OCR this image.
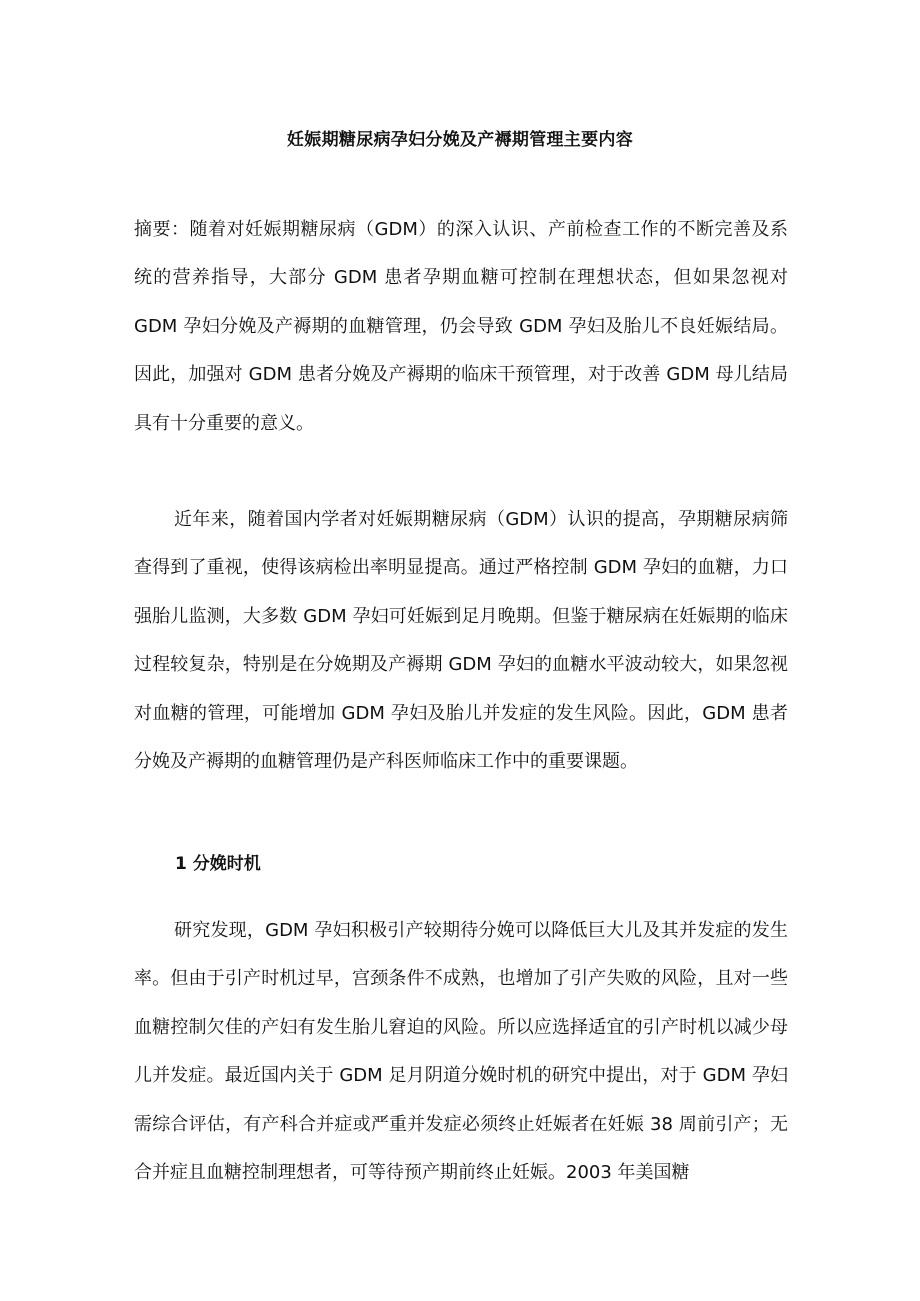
妊娠期糖尿病孕妇分娩及产褥期管理主要内容

摘要：随着对妊娠期糖尿病（GDM）的深入认识、产前检查工作的不断完善及系统的营养指导，大部分 GDM 患者孕期血糖可控制在理想状态，但如果忽视对 GDM 孕妇分娩及产褥期的血糖管理，仍会导致 GDM 孕妇及胎儿不良妊娠结局。因此，加强对 GDM 患者分娩及产褥期的临床干预管理，对于改善 GDM 母儿结局具有十分重要的意义。

近年来，随着国内学者对妊娠期糖尿病（GDM）认识的提高，孕期糖尿病筛查得到了重视，使得该病检出率明显提高。通过严格控制 GDM 孕妇的血糖，力口强胎儿监测，大多数 GDM 孕妇可妊娠到足月晚期。但鉴于糖尿病在妊娠期的临床过程较复杂，特别是在分娩期及产褥期 GDM 孕妇的血糖水平波动较大，如果忽视对血糖的管理，可能增加 GDM 孕妇及胎儿并发症的发生风险。因此，GDM 患者分娩及产褥期的血糖管理仍是产科医师临床工作中的重要课题。

1 分娩时机

研究发现，GDM 孕妇积极引产较期待分娩可以降低巨大儿及其并发症的发生率。但由于引产时机过早，宫颈条件不成熟，也增加了引产失败的风险，且对一些血糖控制欠佳的产妇有发生胎儿窘迫的风险。所以应选择适宜的引产时机以减少母儿并发症。最近国内关于 GDM 足月阴道分娩时机的研究中提出，对于 GDM 孕妇需综合评估，有产科合并症或严重并发症必须终止妊娠者在妊娠 38 周前引产；无合并症且血糖控制理想者，可等待预产期前终止妊娠。2003 年美国糖
